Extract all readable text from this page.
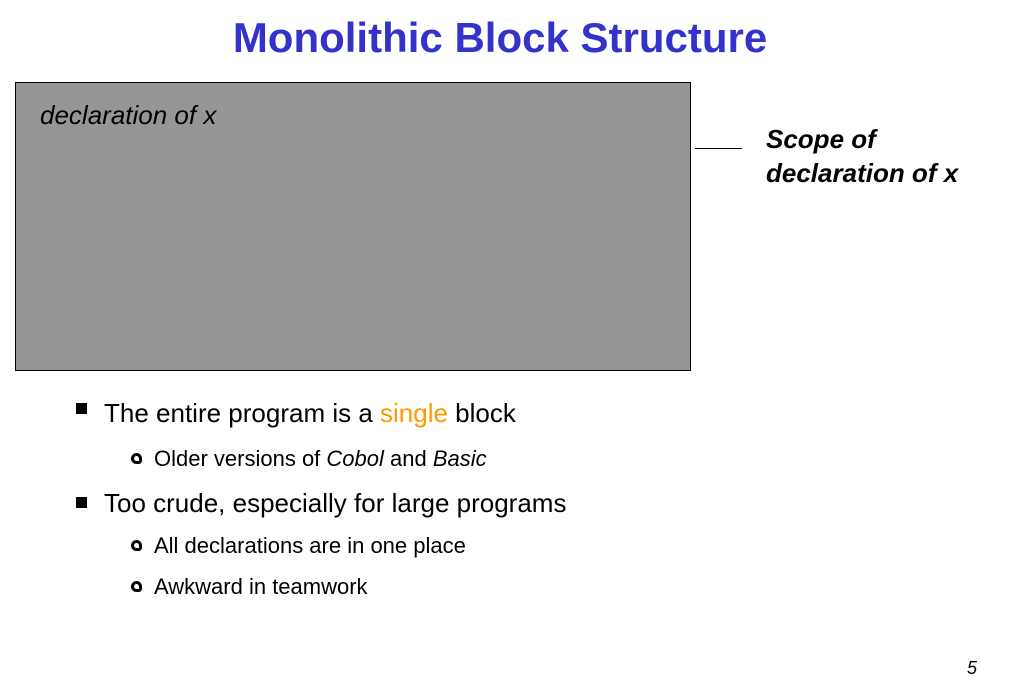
Monolithic Block Structure
declaration of x
Scope of
declaration of x
The entire program is a single block
Older versions of Cobol and Basic
Too crude, especially for large programs
All declarations are in one place
Awkward in teamwork
5
